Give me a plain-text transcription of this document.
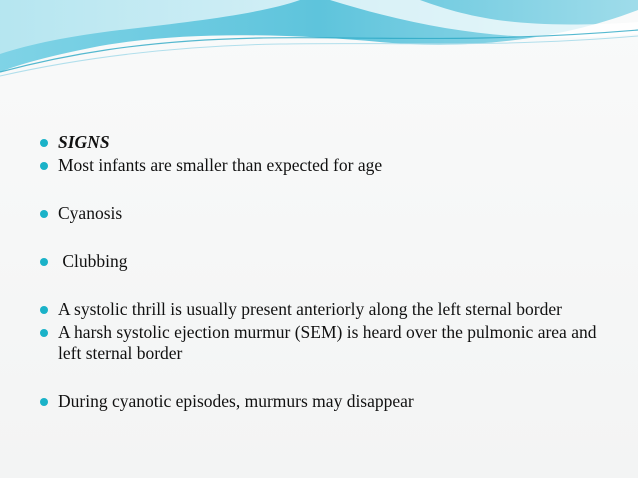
SIGNS
Most infants are smaller than expected for age
Cyanosis
Clubbing
A systolic thrill is usually present anteriorly along the left sternal border
A harsh systolic ejection murmur (SEM) is heard over the pulmonic area and left sternal border
During cyanotic episodes, murmurs may disappear
